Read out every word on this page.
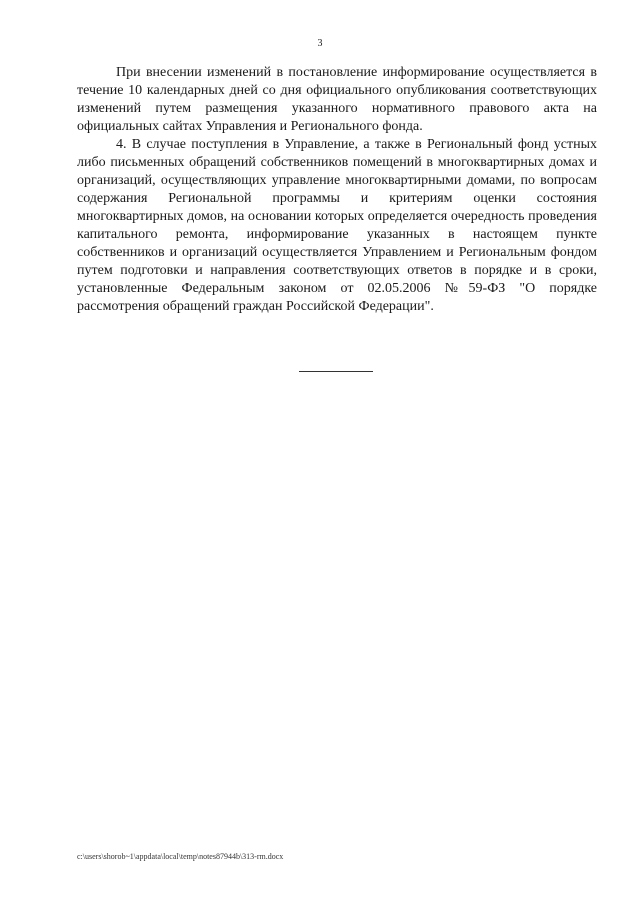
3

При внесении изменений в постановление информирование осуществляется в течение 10 календарных дней со дня официального опубликования соответствующих изменений путем размещения указанного нормативного правового акта на официальных сайтах Управления и Регионального фонда.

4. В случае поступления в Управление, а также в Региональный фонд устных либо письменных обращений собственников помещений в многоквартирных домах и организаций, осуществляющих управление многоквартирными домами, по вопросам содержания Региональной программы и критериям оценки состояния многоквартирных домов, на основании которых определяется очередность проведения капитального ремонта, информирование указанных в настоящем пункте собственников и организаций осуществляется Управлением и Региональным фондом путем подготовки и направления соответствующих ответов в порядке и в сроки, установленные Федеральным законом от 02.05.2006 №59-ФЗ "О порядке рассмотрения обращений граждан Российской Федерации".

c:\users\shorob~1\appdata\local\temp\notes87944b\313-rm.docx
